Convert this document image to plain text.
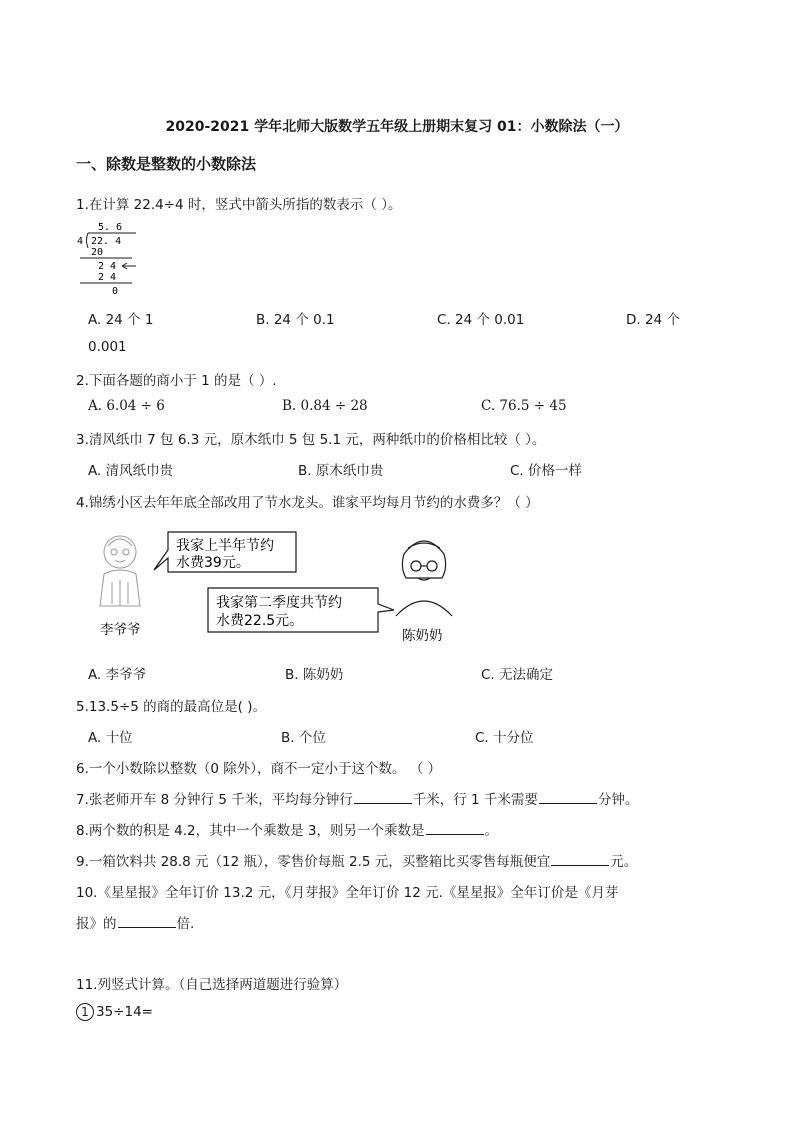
2020-2021 学年北师大版数学五年级上册期末复习 01：小数除法（一）
一、除数是整数的小数除法
1.在计算 22.4÷4 时，竖式中箭头所指的数表示（ ）。
5. 6
4 22. 4
20
2 4
2 4
0
A. 24 个 1	B. 24 个 0.1	C. 24 个 0.01	D. 24 个
0.001
2.下面各题的商小于 1 的是（ ）.
A. 6.04 ÷ 6	B. 0.84 ÷ 28	C. 76.5 ÷ 45
3.清风纸巾 7 包 6.3 元，原木纸巾 5 包 5.1 元，两种纸巾的价格相比较（ ）。
A. 清风纸巾贵	B. 原木纸巾贵	C. 价格一样
4.锦绣小区去年年底全部改用了节水龙头。谁家平均每月节约的水费多？（ ）
我家上半年节约
水费39元。
我家第二季度共节约
水费22.5元。
李爷爷	陈奶奶
A. 李爷爷	B. 陈奶奶	C. 无法确定
5.13.5÷5 的商的最高位是( )。
A. 十位	B. 个位	C. 十分位
6.一个小数除以整数（0 除外），商不一定小于这个数。 （ ）
7.张老师开车 8 分钟行 5 千米，平均每分钟行	千米，行 1 千米需要	分钟。
8.两个数的积是 4.2，其中一个乘数是 3，则另一个乘数是	。
9.一箱饮料共 28.8 元（12 瓶），零售价每瓶 2.5 元，买整箱比买零售每瓶便宜	元。
10.《星星报》全年订价 13.2 元，《月芽报》全年订价 12 元.《星星报》全年订价是《月芽
报》的	倍.
11.列竖式计算。（自己选择两道题进行验算）
1 35÷14=
